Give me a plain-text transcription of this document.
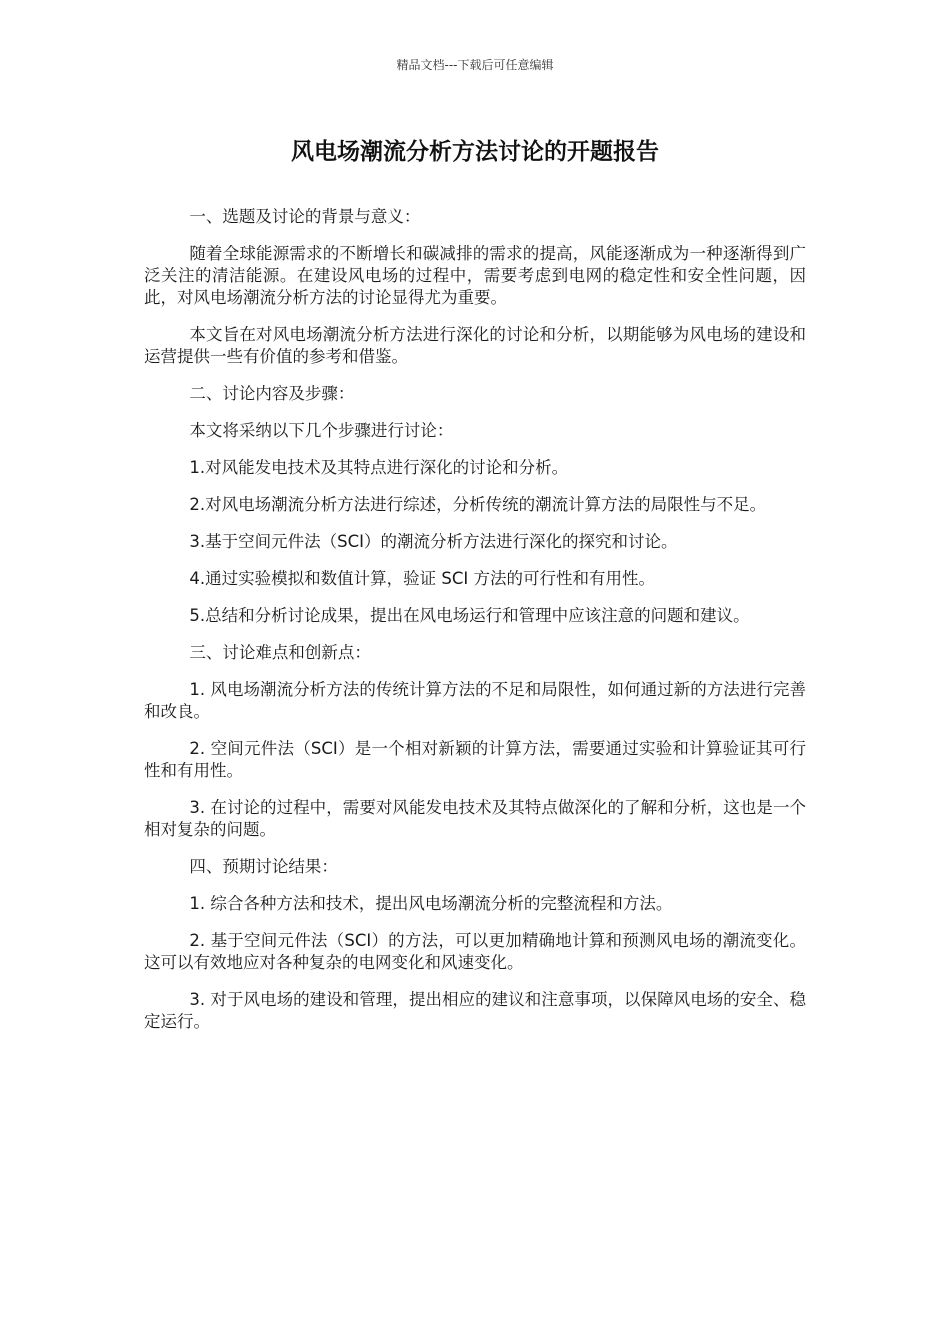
精品文档---下载后可任意编辑
风电场潮流分析方法讨论的开题报告

一、选题及讨论的背景与意义：

随着全球能源需求的不断增长和碳减排的需求的提高，风能逐渐成为一种逐渐得到广泛关注的清洁能源。在建设风电场的过程中，需要考虑到电网的稳定性和安全性问题，因此，对风电场潮流分析方法的讨论显得尤为重要。

本文旨在对风电场潮流分析方法进行深化的讨论和分析，以期能够为风电场的建设和运营提供一些有价值的参考和借鉴。

二、讨论内容及步骤：

本文将采纳以下几个步骤进行讨论：

1.对风能发电技术及其特点进行深化的讨论和分析。

2.对风电场潮流分析方法进行综述，分析传统的潮流计算方法的局限性与不足。

3.基于空间元件法（SCI）的潮流分析方法进行深化的探究和讨论。

4.通过实验模拟和数值计算，验证 SCI 方法的可行性和有用性。

5.总结和分析讨论成果，提出在风电场运行和管理中应该注意的问题和建议。

三、讨论难点和创新点：

1. 风电场潮流分析方法的传统计算方法的不足和局限性，如何通过新的方法进行完善和改良。

2. 空间元件法（SCI）是一个相对新颖的计算方法，需要通过实验和计算验证其可行性和有用性。

3. 在讨论的过程中，需要对风能发电技术及其特点做深化的了解和分析，这也是一个相对复杂的问题。

四、预期讨论结果：

1. 综合各种方法和技术，提出风电场潮流分析的完整流程和方法。

2. 基于空间元件法（SCI）的方法，可以更加精确地计算和预测风电场的潮流变化。这可以有效地应对各种复杂的电网变化和风速变化。

3. 对于风电场的建设和管理，提出相应的建议和注意事项，以保障风电场的安全、稳定运行。
